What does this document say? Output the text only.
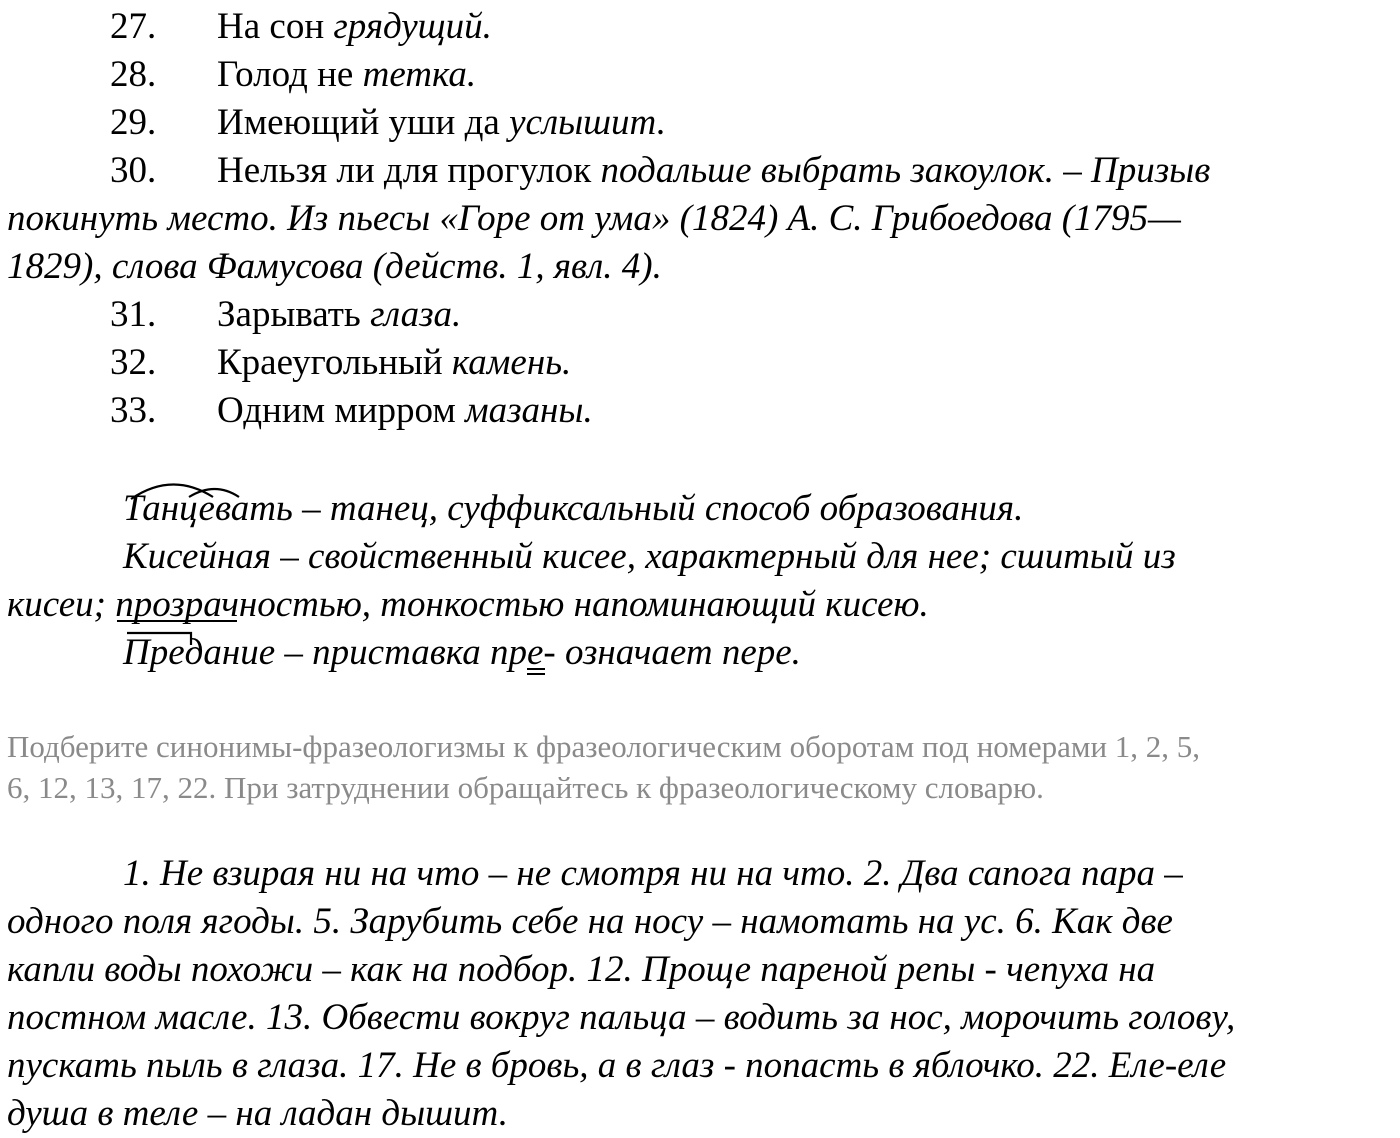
27. На сон грядущий.
28. Голод не тетка.
29. Имеющий уши да услышит.
30. Нельзя ли для прогулок подальше выбрать закоулок. – Призыв
покинуть место. Из пьесы «Горе от ума» (1824) А. С. Грибоедова (1795—
1829), слова Фамусова (действ. 1, явл. 4).
31. Зарывать глаза.
32. Краеугольный камень.
33. Одним мирром мазаны.
Танцевать – танец, суффиксальный способ образования.
Кисейная – свойственный кисее, характерный для нее; сшитый из
кисеи; прозрачностью
, тонкостью напоминающий кисею.
Предание – приставка пре
- означает пере.
Подберите синонимы-фразеологизмы к фразеологическим оборотам под номерами 1, 2, 5,
6, 12, 13, 17, 22. При затруднении обращайтесь к фразеологическому словарю.
1. Не взирая ни на что – не смотря ни на что. 2. Два сапога пара –
одного поля ягоды. 5. Зарубить себе на носу – намотать на ус. 6. Как две
капли воды похожи – как на подбор. 12. Проще пареной репы - чепуха на
постном масле. 13. Обвести вокруг пальца – водить за нос, морочить голову,
пускать пыль в глаза. 17. Не в бровь, а в глаз - попасть в яблочко. 22. Еле-еле
душа в теле – на ладан дышит.
